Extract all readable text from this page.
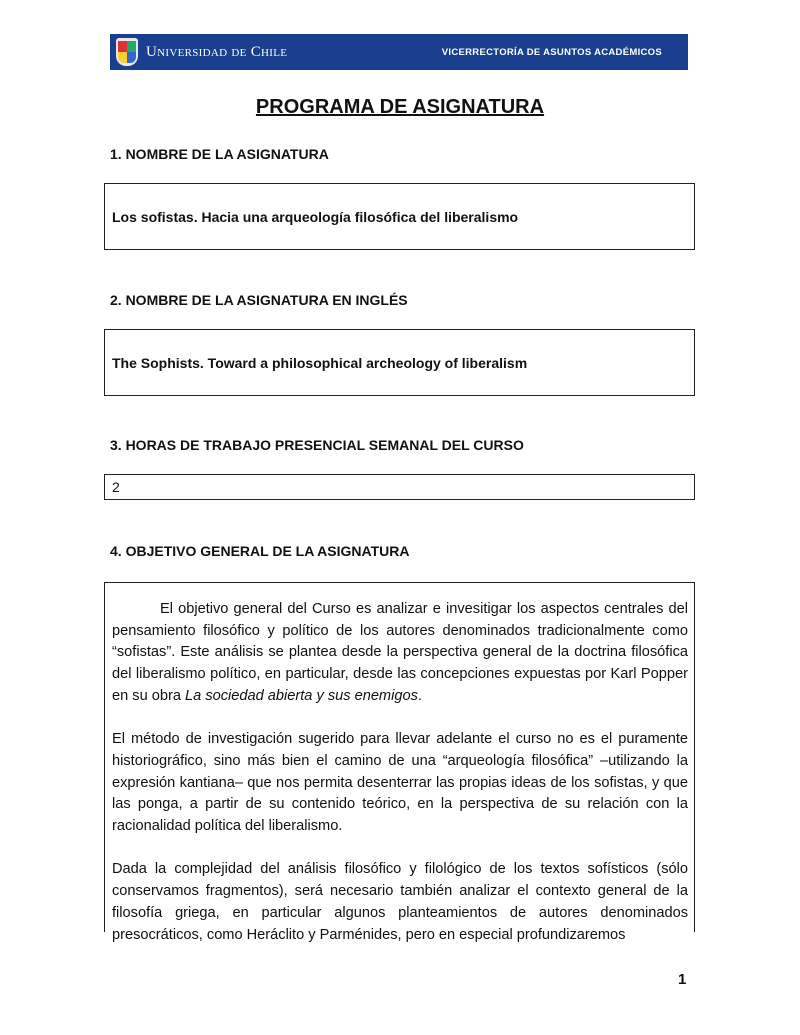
Universidad de Chile	VICERRECTORÍA DE ASUNTOS ACADÉMICOS
PROGRAMA DE ASIGNATURA
1. NOMBRE DE LA ASIGNATURA
Los sofistas. Hacia una arqueología filosófica del liberalismo
2. NOMBRE DE LA ASIGNATURA EN INGLÉS
The Sophists. Toward a philosophical archeology of liberalism
3. HORAS DE TRABAJO PRESENCIAL SEMANAL DEL CURSO
2
4. OBJETIVO GENERAL DE LA ASIGNATURA

El objetivo general del Curso es analizar e invesitigar los aspectos centrales del pensamiento filosófico y político de los autores denominados tradicionalmente como “sofistas”. Este análisis se plantea desde la perspectiva general de la doctrina filosófica del liberalismo político, en particular, desde las concepciones expuestas por Karl Popper en su obra La sociedad abierta y sus enemigos.

El método de investigación sugerido para llevar adelante el curso no es el puramente historiográfico, sino más bien el camino de una “arqueología filosófica” –utilizando la expresión kantiana– que nos permita desenterrar las propias ideas de los sofistas, y que las ponga, a partir de su contenido teórico, en la perspectiva de su relación con la racionalidad política del liberalismo.

Dada la complejidad del análisis filosófico y filológico de los textos sofísticos (sólo conservamos fragmentos), será necesario también analizar el contexto general de la filosofía griega, en particular algunos planteamientos de autores denominados presocráticos, como Heráclito y Parménides, pero en especial profundizaremos

1
